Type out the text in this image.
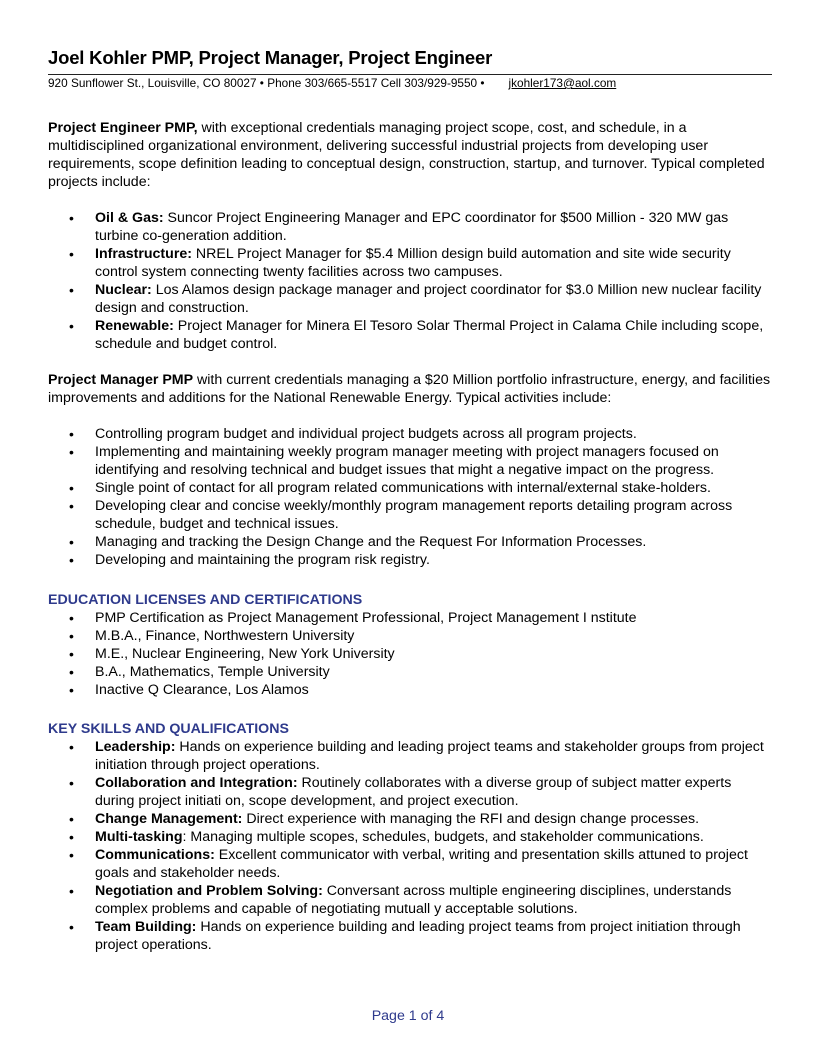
Joel Kohler PMP, Project Manager, Project Engineer
920 Sunflower St., Louisville, CO 80027 • Phone 303/665-5517 Cell 303/929-9550 • jkohler173@aol.com

Project Engineer PMP, with exceptional credentials managing project scope, cost, and schedule, in a multidisciplined organizational environment, delivering successful industrial projects from developing user requirements, scope definition leading to conceptual design, construction, startup, and turnover. Typical completed projects include:

• Oil & Gas: Suncor Project Engineering Manager and EPC coordinator for $500 Million - 320 MW gas turbine co-generation addition.
• Infrastructure: NREL Project Manager for $5.4 Million design build automation and site wide security control system connecting twenty facilities across two campuses.
• Nuclear: Los Alamos design package manager and project coordinator for $3.0 Million new nuclear facility design and construction.
• Renewable: Project Manager for Minera El Tesoro Solar Thermal Project in Calama Chile including scope, schedule and budget control.

Project Manager PMP with current credentials managing a $20 Million portfolio infrastructure, energy, and facilities improvements and additions for the National Renewable Energy. Typical activities include:

• Controlling program budget and individual project budgets across all program projects.
• Implementing and maintaining weekly program manager meeting with project managers focused on identifying and resolving technical and budget issues that might a negative impact on the progress.
• Single point of contact for all program related communications with internal/external stake-holders.
• Developing clear and concise weekly/monthly program management reports detailing program across schedule, budget and technical issues.
• Managing and tracking the Design Change and the Request For Information Processes.
• Developing and maintaining the program risk registry.
EDUCATION LICENSES AND CERTIFICATIONS
• PMP Certification as Project Management Professional, Project Management I nstitute
• M.B.A., Finance, Northwestern University
• M.E., Nuclear Engineering, New York University
• B.A., Mathematics, Temple University
• Inactive Q Clearance, Los Alamos
KEY SKILLS AND QUALIFICATIONS
• Leadership: Hands on experience building and leading project teams and stakeholder groups from project initiation through project operations.
• Collaboration and Integration: Routinely collaborates with a diverse group of subject matter experts during project initiati on, scope development, and project execution.
• Change Management: Direct experience with managing the RFI and design change processes.
• Multi-tasking: Managing multiple scopes, schedules, budgets, and stakeholder communications.
• Communications: Excellent communicator with verbal, writing and presentation skills attuned to project goals and stakeholder needs.
• Negotiation and Problem Solving: Conversant across multiple engineering disciplines, understands complex problems and capable of negotiating mutuall y acceptable solutions.
• Team Building: Hands on experience building and leading project teams from project initiation through project operations.
Page 1 of 4
